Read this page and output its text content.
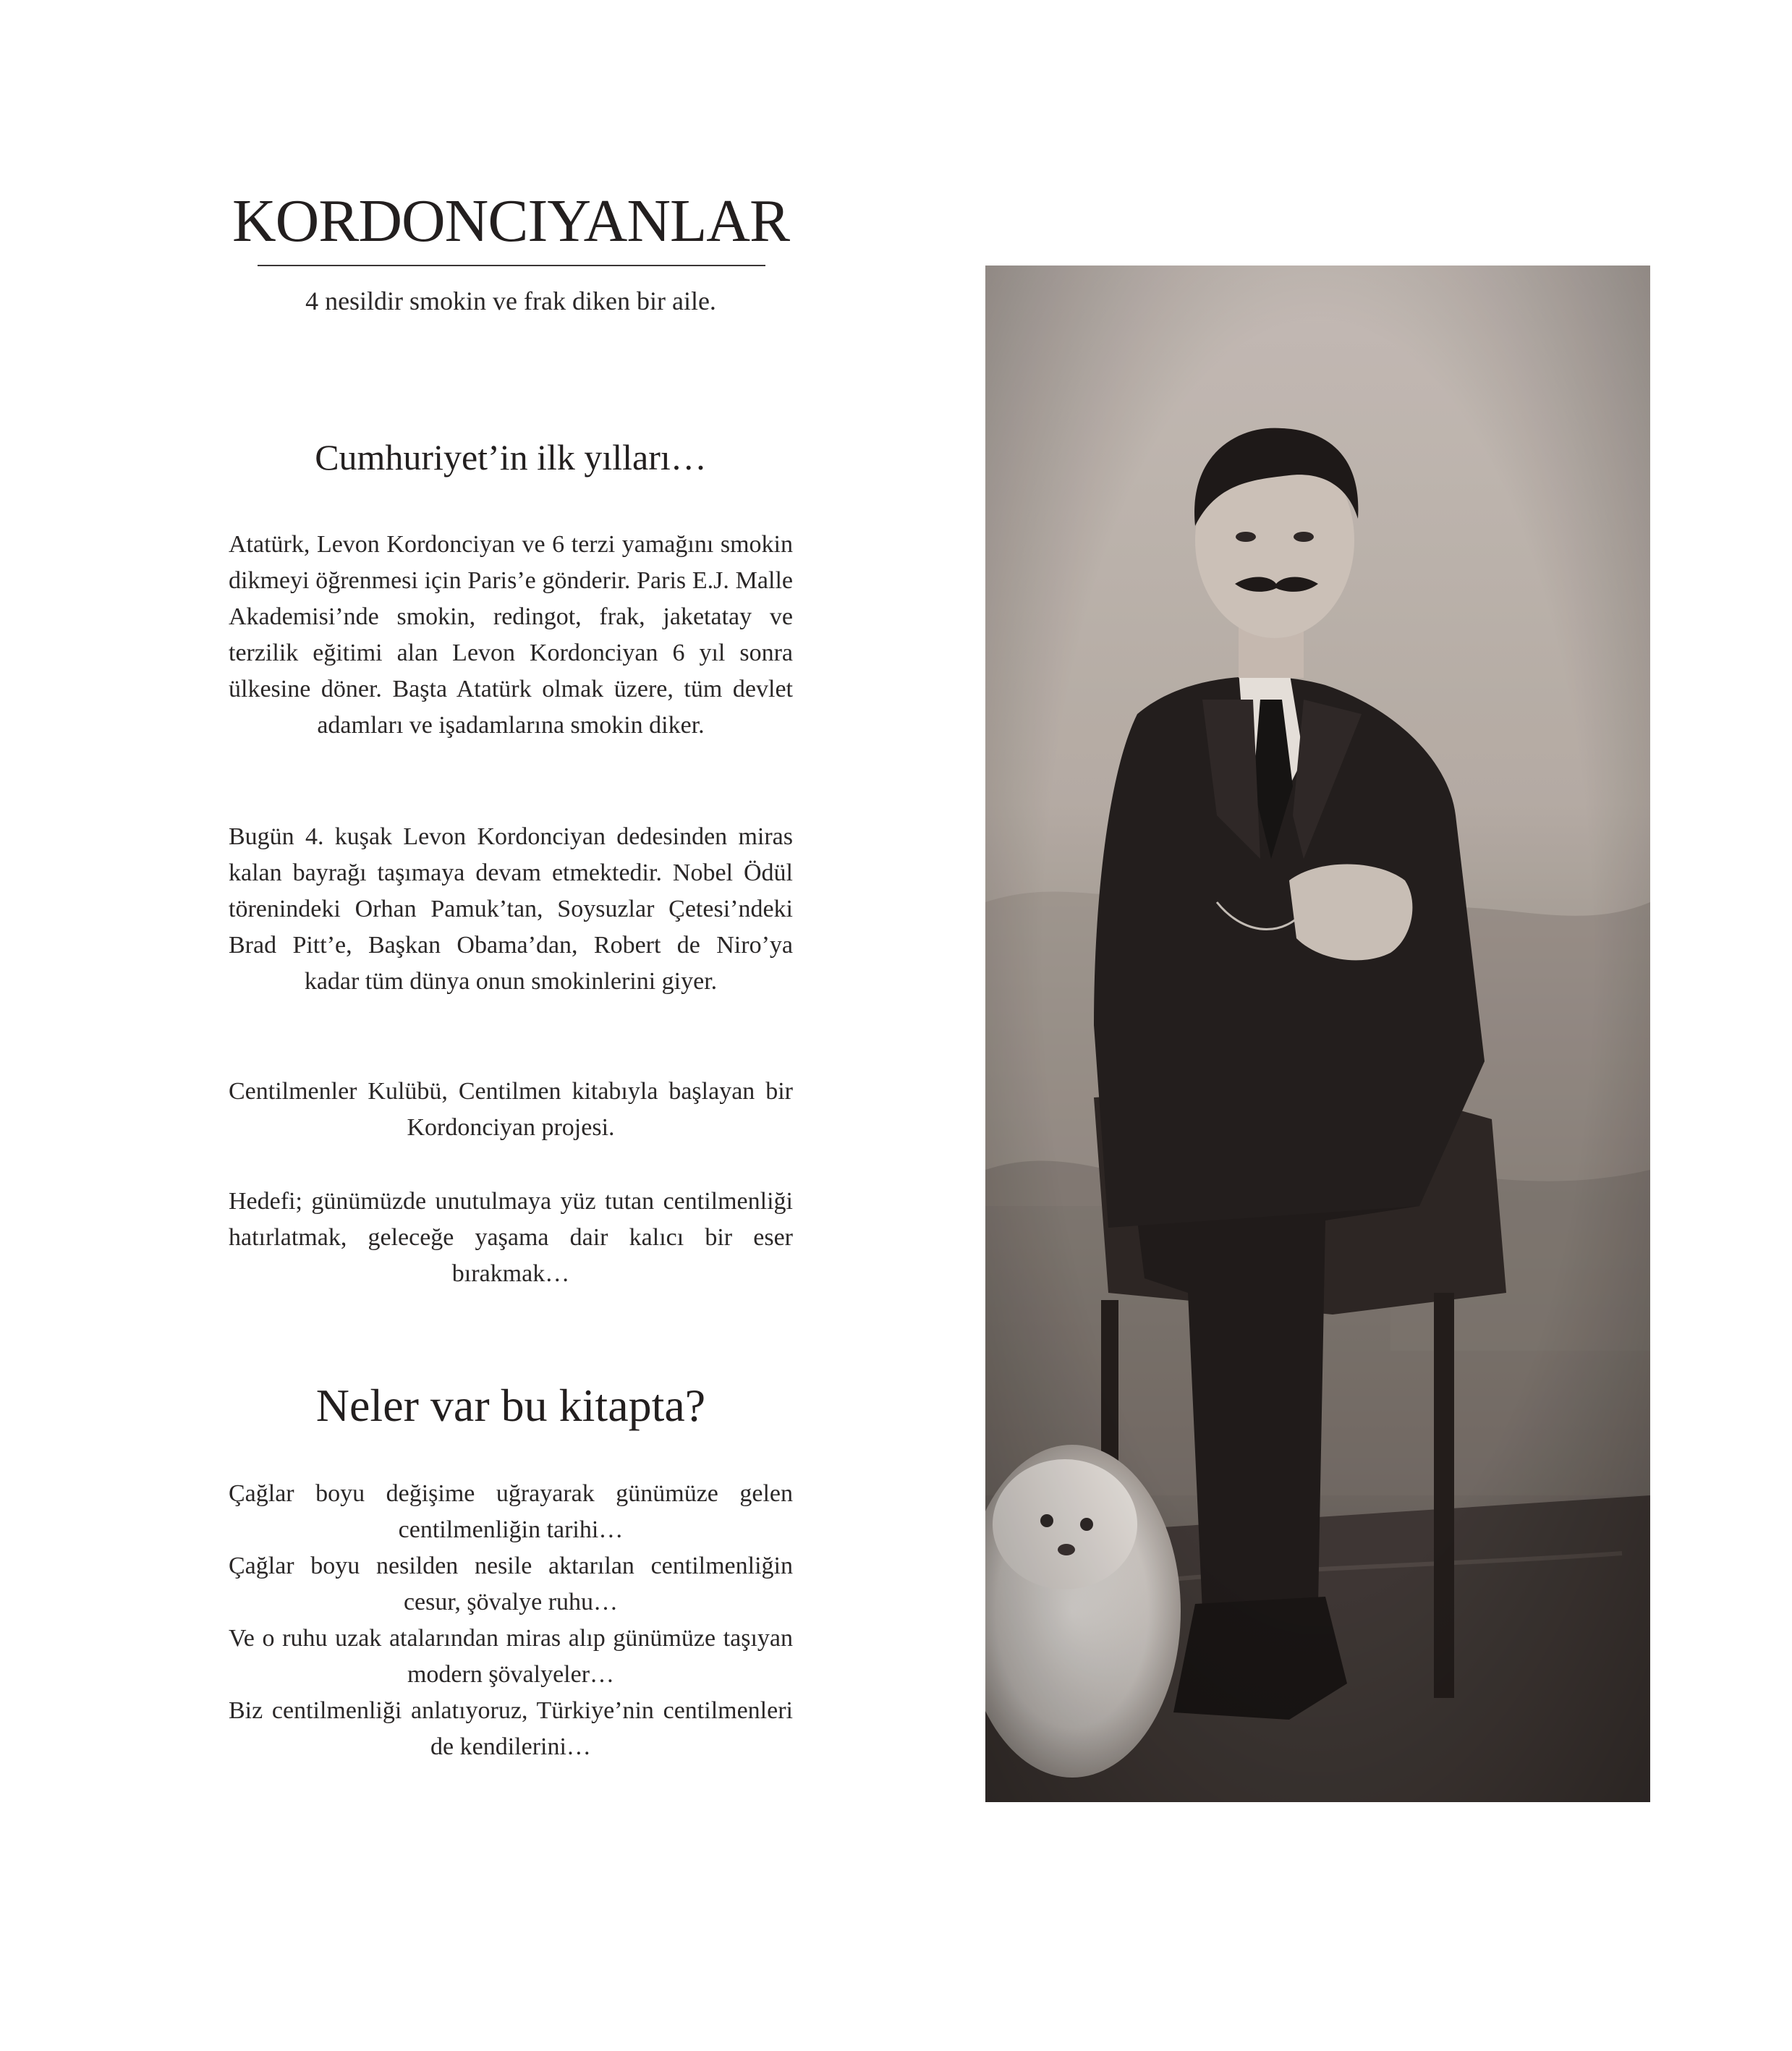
KORDONCIYANLAR
4 nesildir smokin ve frak diken bir aile.
Cumhuriyet’in ilk yılları…

Atatürk, Levon Kordonciyan ve 6 terzi yamağını smokin dikmeyi öğrenmesi için Paris’e gönderir. Paris E.J. Malle Akademisi’nde smokin, redingot, frak, jaketatay ve terzilik eğitimi alan Levon Kordonciyan 6 yıl sonra ülkesine döner. Başta Atatürk olmak üzere, tüm devlet adamları ve işadamlarına smokin diker.

Bugün 4. kuşak Levon Kordonciyan dedesinden miras kalan bayrağı taşımaya devam etmektedir. Nobel Ödül törenindeki Orhan Pamuk’tan, Soysuzlar Çetesi’ndeki Brad Pitt’e, Başkan Obama’dan, Robert de Niro’ya kadar tüm dünya onun smokinlerini giyer.

Centilmenler Kulübü, Centilmen kitabıyla başlayan bir Kordonciyan projesi.

Hedefi; günümüzde unutulmaya yüz tutan centilmenliği hatırlatmak, geleceğe yaşama dair kalıcı bir eser bırakmak…

Neler var bu kitapta?
Çağlar boyu değişime uğrayarak günümüze gelen centilmenliğin tarihi…
Çağlar boyu nesilden nesile aktarılan centilmenliğin cesur, şövalye ruhu…
Ve o ruhu uzak atalarından miras alıp günümüze taşıyan modern şövalyeler…
Biz centilmenliği anlatıyoruz, Türkiye’nin centilmenleri de kendilerini…
